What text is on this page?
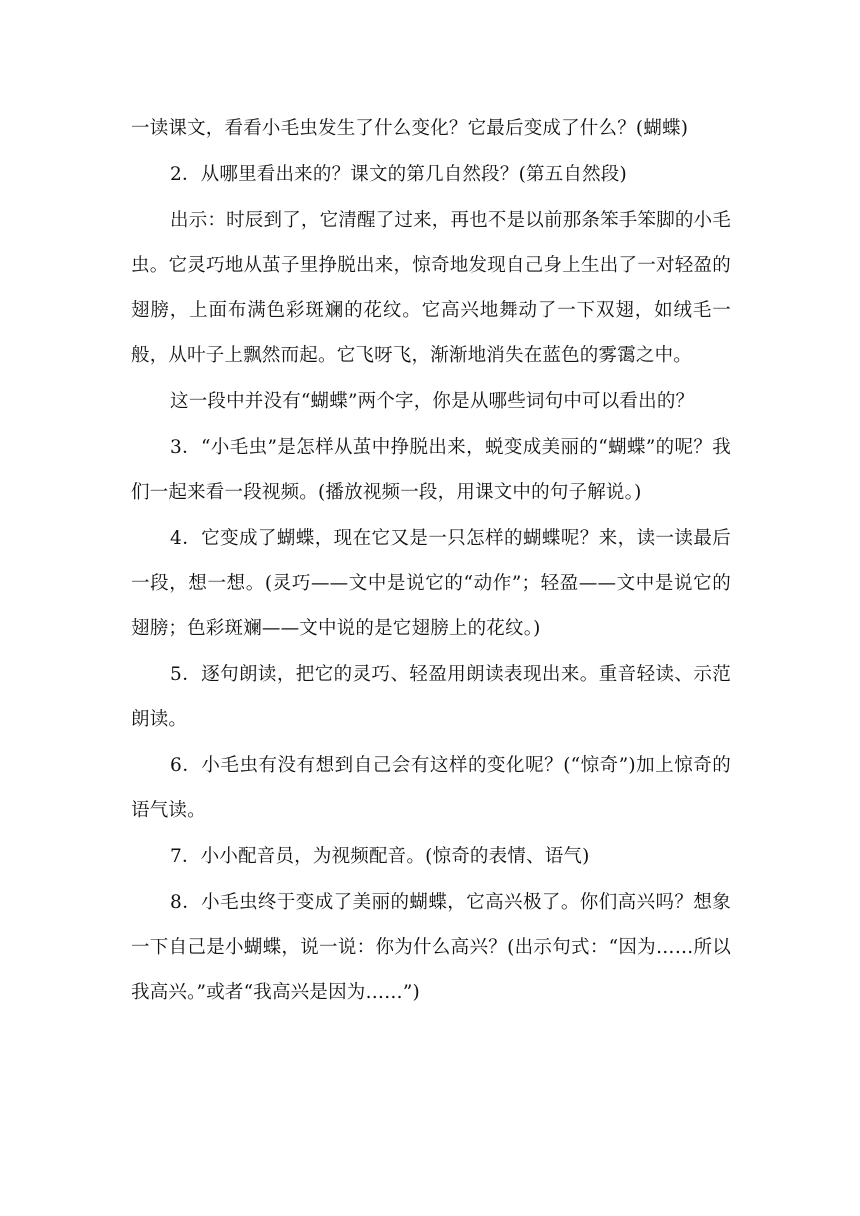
一读课文，看看小毛虫发生了什么变化？它最后变成了什么？(蝴蝶)

2．从哪里看出来的？课文的第几自然段？(第五自然段)

出示：时辰到了，它清醒了过来，再也不是以前那条笨手笨脚的小毛虫。它灵巧地从茧子里挣脱出来，惊奇地发现自己身上生出了一对轻盈的翅膀，上面布满色彩斑斓的花纹。它高兴地舞动了一下双翅，如绒毛一般，从叶子上飘然而起。它飞呀飞，渐渐地消失在蓝色的雾霭之中。

这一段中并没有“蝴蝶”两个字，你是从哪些词句中可以看出的？

3．“小毛虫”是怎样从茧中挣脱出来，蜕变成美丽的“蝴蝶”的呢？我们一起来看一段视频。(播放视频一段，用课文中的句子解说。)

4．它变成了蝴蝶，现在它又是一只怎样的蝴蝶呢？来，读一读最后一段，想一想。(灵巧——文中是说它的“动作”；轻盈——文中是说它的翅膀；色彩斑斓——文中说的是它翅膀上的花纹。)

5．逐句朗读，把它的灵巧、轻盈用朗读表现出来。重音轻读、示范朗读。

6．小毛虫有没有想到自己会有这样的变化呢？(“惊奇”)加上惊奇的语气读。

7．小小配音员，为视频配音。(惊奇的表情、语气)

8．小毛虫终于变成了美丽的蝴蝶，它高兴极了。你们高兴吗？想象一下自己是小蝴蝶，说一说：你为什么高兴？(出示句式：“因为……所以我高兴。”或者“我高兴是因为……”)
